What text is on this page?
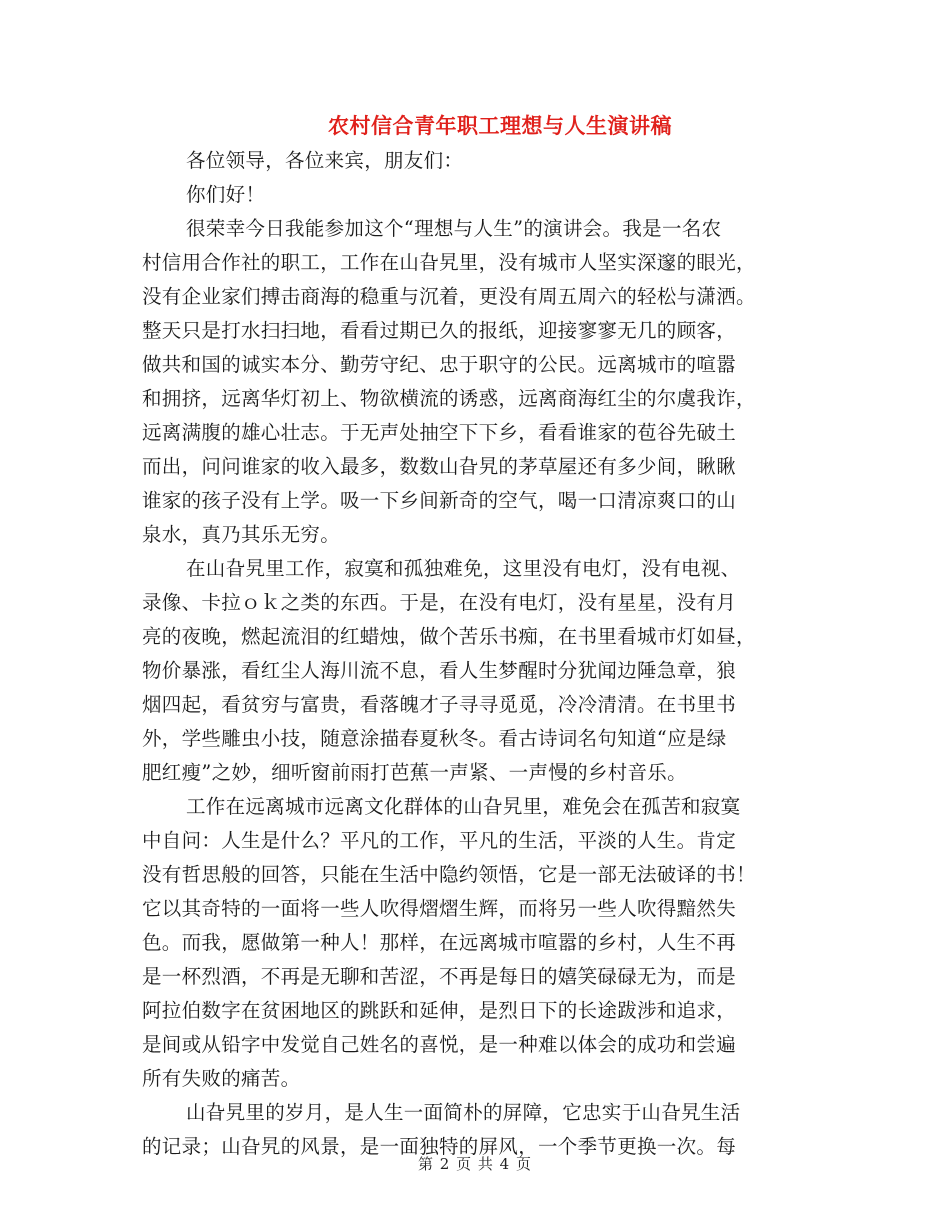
农村信合青年职工理想与人生演讲稿
各位领导，各位来宾，朋友们：
你们好！
很荣幸今日我能参加这个“理想与人生”的演讲会。我是一名农
村信用合作社的职工，工作在山旮旯里，没有城市人坚实深邃的眼光，
没有企业家们搏击商海的稳重与沉着，更没有周五周六的轻松与潇洒。
整天只是打水扫扫地，看看过期已久的报纸，迎接寥寥无几的顾客，
做共和国的诚实本分、勤劳守纪、忠于职守的公民。远离城市的喧嚣
和拥挤，远离华灯初上、物欲横流的诱惑，远离商海红尘的尔虞我诈，
远离满腹的雄心壮志。于无声处抽空下下乡，看看谁家的苞谷先破土
而出，问问谁家的收入最多，数数山旮旯的茅草屋还有多少间，瞅瞅
谁家的孩子没有上学。吸一下乡间新奇的空气，喝一口清凉爽口的山
泉水，真乃其乐无穷。
在山旮旯里工作，寂寞和孤独难免，这里没有电灯，没有电视、
录像、卡拉ｏｋ之类的东西。于是，在没有电灯，没有星星，没有月
亮的夜晚，燃起流泪的红蜡烛，做个苦乐书痴，在书里看城市灯如昼，
物价暴涨，看红尘人海川流不息，看人生梦醒时分犹闻边陲急章，狼
烟四起，看贫穷与富贵，看落魄才子寻寻觅觅，冷冷清清。在书里书
外，学些雕虫小技，随意涂描春夏秋冬。看古诗词名句知道“应是绿
肥红瘦”之妙，细听窗前雨打芭蕉一声紧、一声慢的乡村音乐。
工作在远离城市远离文化群体的山旮旯里，难免会在孤苦和寂寞
中自问：人生是什么？平凡的工作，平凡的生活，平淡的人生。肯定
没有哲思般的回答，只能在生活中隐约领悟，它是一部无法破译的书！
它以其奇特的一面将一些人吹得熠熠生辉，而将另一些人吹得黯然失
色。而我，愿做第一种人！那样，在远离城市喧嚣的乡村，人生不再
是一杯烈酒，不再是无聊和苦涩，不再是每日的嬉笑碌碌无为，而是
阿拉伯数字在贫困地区的跳跃和延伸，是烈日下的长途跋涉和追求，
是间或从铅字中发觉自己姓名的喜悦，是一种难以体会的成功和尝遍
所有失败的痛苦。
山旮旯里的岁月，是人生一面简朴的屏障，它忠实于山旮旯生活
的记录；山旮旯的风景，是一面独特的屏风，一个季节更换一次。每
第 2 页 共 4 页
